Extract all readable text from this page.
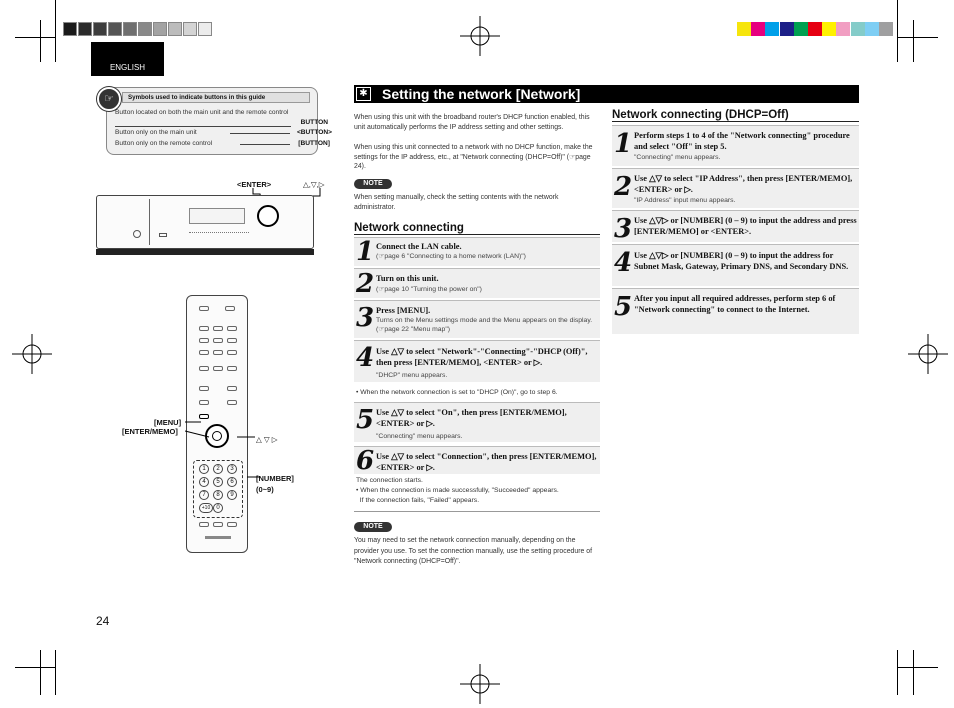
ENGLISH
Symbols used to indicate buttons in this guide
☞
Button located on both the main unit and the remote control
BUTTON
Button only on the main unit	<BUTTON>
Button only on the remote control	[BUTTON]
<ENTER>	△,▽,▷
1	2	3
4	5	6
7	8	9
+10	0
[MENU]
[ENTER/MEMO]
△ ▽ ▷
[NUMBER]
(0~9)
Setting the network [Network]
✱
When using this unit with the broadband router's DHCP function enabled, this unit automatically performs the IP address setting and other settings.
When using this unit connected to a network with no DHCP function, make the settings for the IP address, etc., at "Network connecting (DHCP=Off)" (☞page 24).
NOTE
When setting manually, check the setting contents with the network administrator.
Network connecting
1 Connect the LAN cable.
(☞page 6 "Connecting to a home network (LAN)")
2 Turn on this unit.
(☞page 10 "Turning the power on")
3 Press [MENU].
Turns on the Menu settings mode and the Menu appears on the display. (☞page 22 "Menu map")
4 Use △▽ to select "Network"-"Connecting"-"DHCP (Off)", then press [ENTER/MEMO], <ENTER> or ▷.
"DHCP" menu appears.
• When the network connection is set to "DHCP (On)", go to step 6.
5 Use △▽ to select "On", then press [ENTER/MEMO], <ENTER> or ▷.
"Connecting" menu appears.
6 Use △▽ to select "Connection", then press [ENTER/MEMO], <ENTER> or ▷.
The connection starts.
• When the connection is made successfully, "Succeeded" appears.
If the connection fails, "Failed" appears.
NOTE
You may need to set the network connection manually, depending on the provider you use. To set the connection manually, use the setting procedure of "Network connecting (DHCP=Off)".
Network connecting (DHCP=Off)
1 Perform steps 1 to 4 of the "Network connecting" procedure and select "Off" in step 5.
"Connecting" menu appears.
2 Use △▽ to select "IP Address", then press [ENTER/MEMO], <ENTER> or ▷.
"IP Address" input menu appears.
3 Use △▽▷ or [NUMBER] (0 – 9) to input the address and press [ENTER/MEMO] or <ENTER>.
4 Use △▽▷ or [NUMBER] (0 – 9) to input the address for Subnet Mask, Gateway, Primary DNS, and Secondary DNS.
5 After you input all required addresses, perform step 6 of "Network connecting" to connect to the Internet.
24
